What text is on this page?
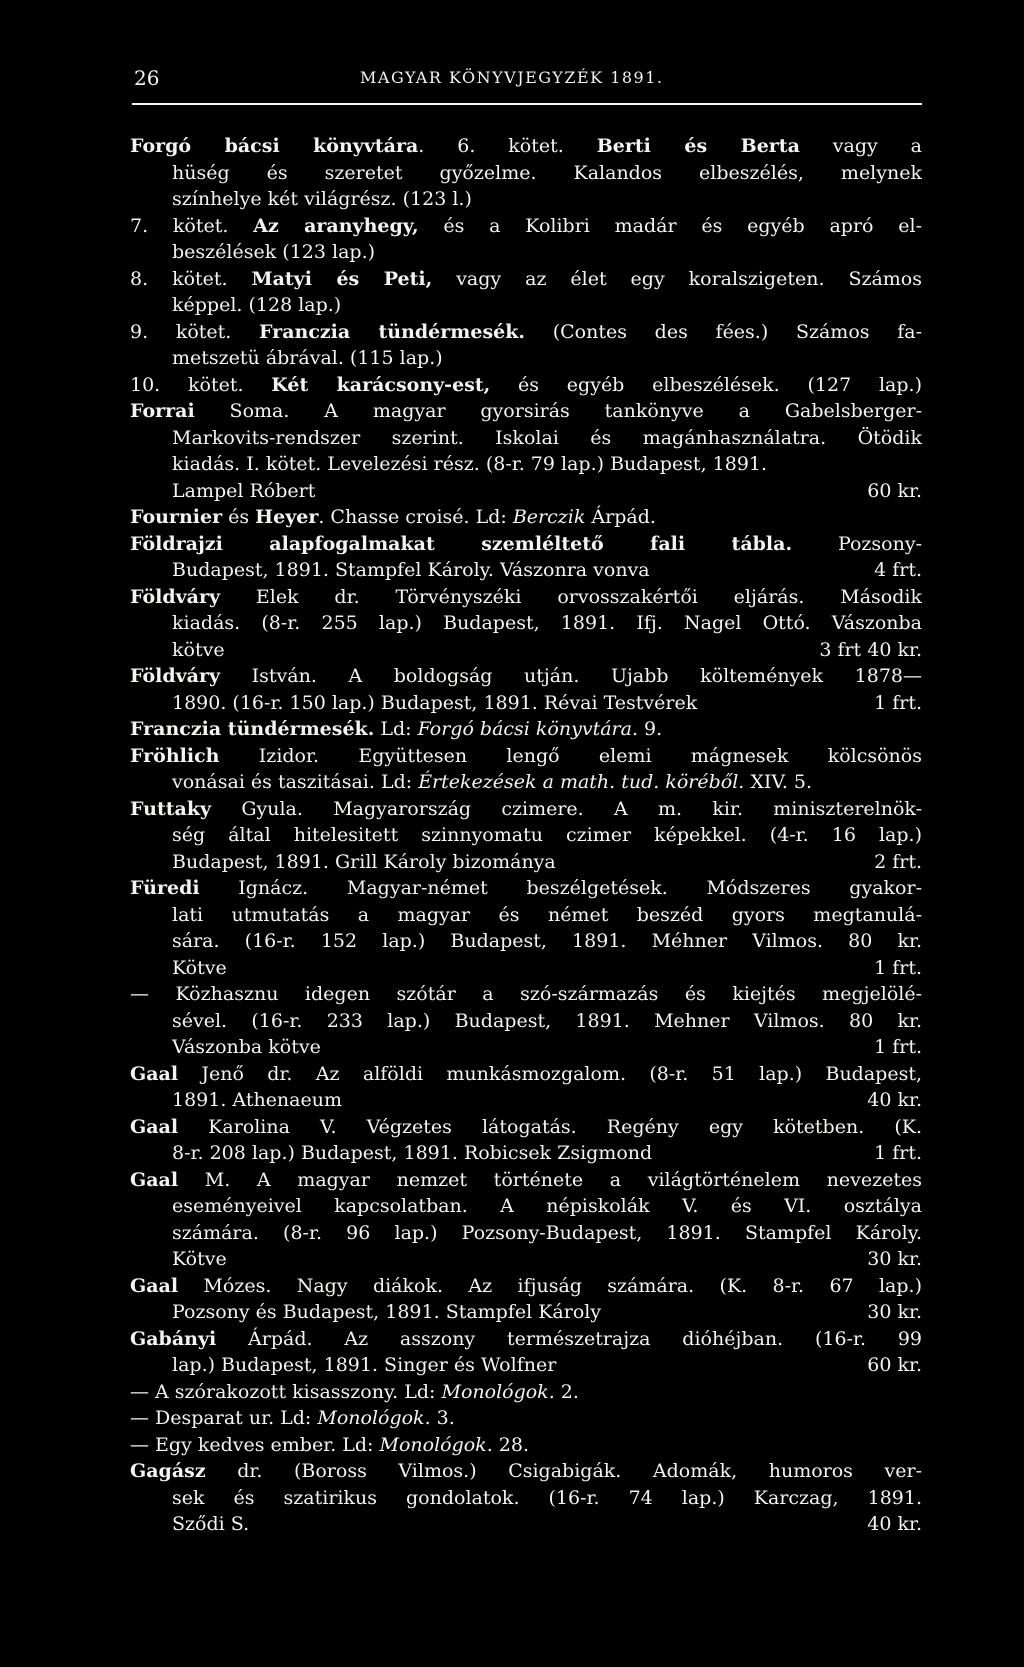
26	MAGYAR KÖNYVJEGYZÉK 1891.
Forgó bácsi könyvtára. 6. kötet. Berti és Berta vagy a
hüség és szeretet győzelme. Kalandos elbeszélés, melynek
színhelye két világrész. (123 l.)
7. kötet. Az aranyhegy, és a Kolibri madár és egyéb apró el-
beszélések (123 lap.)
8. kötet. Matyi és Peti, vagy az élet egy koralszigeten. Számos
képpel. (128 lap.)
9. kötet. Franczia tündérmesék. (Contes des fées.) Számos fa-
metszetü ábrával. (115 lap.)
10. kötet. Két karácsony-est, és egyéb elbeszélések. (127 lap.)
Forrai Soma. A magyar gyorsirás tankönyve a Gabelsberger-
Markovits-rendszer szerint. Iskolai és magánhasználatra. Ötödik
kiadás. I. kötet. Levelezési rész. (8-r. 79 lap.) Budapest, 1891.
Lampel Róbert	60 kr.
Fournier és Heyer. Chasse croisé. Ld: Berczik Árpád.
Földrajzi alapfogalmakat szemléltető fali tábla. Pozsony-
Budapest, 1891. Stampfel Károly. Vászonra vonva	4 frt.
Földváry Elek dr. Törvényszéki orvosszakértői eljárás. Második
kiadás. (8-r. 255 lap.) Budapest, 1891. Ifj. Nagel Ottó. Vászonba
kötve	3 frt 40 kr.
Földváry István. A boldogság utján. Ujabb költemények 1878—
1890. (16-r. 150 lap.) Budapest, 1891. Révai Testvérek	1 frt.
Franczia tündérmesék. Ld: Forgó bácsi könyvtára. 9.
Fröhlich Izidor. Együttesen lengő elemi mágnesek kölcsönös
vonásai és taszitásai. Ld: Értekezések a math. tud. köréből. XIV. 5.
Futtaky Gyula. Magyarország czimere. A m. kir. miniszterelnök-
ség által hitelesitett szinnyomatu czimer képekkel. (4-r. 16 lap.)
Budapest, 1891. Grill Károly bizománya	2 frt.
Füredi Ignácz. Magyar-német beszélgetések. Módszeres gyakor-
lati utmutatás a magyar és német beszéd gyors megtanulá-
sára. (16-r. 152 lap.) Budapest, 1891. Méhner Vilmos. 80 kr.
Kötve	1 frt.
— Közhasznu idegen szótár a szó-származás és kiejtés megjelölé-
sével. (16-r. 233 lap.) Budapest, 1891. Mehner Vilmos. 80 kr.
Vászonba kötve	1 frt.
Gaal Jenő dr. Az alföldi munkásmozgalom. (8-r. 51 lap.) Budapest,
1891. Athenaeum	40 kr.
Gaal Karolina V. Végzetes látogatás. Regény egy kötetben. (K.
8-r. 208 lap.) Budapest, 1891. Robicsek Zsigmond	1 frt.
Gaal M. A magyar nemzet története a világtörténelem nevezetes
eseményeivel kapcsolatban. A népiskolák V. és VI. osztálya
számára. (8-r. 96 lap.) Pozsony-Budapest, 1891. Stampfel Károly.
Kötve	30 kr.
Gaal Mózes. Nagy diákok. Az ifjuság számára. (K. 8-r. 67 lap.)
Pozsony és Budapest, 1891. Stampfel Károly	30 kr.
Gabányi Árpád. Az asszony természetrajza dióhéjban. (16-r. 99
lap.) Budapest, 1891. Singer és Wolfner	60 kr.
— A szórakozott kisasszony. Ld: Monológok. 2.
— Desparat ur. Ld: Monológok. 3.
— Egy kedves ember. Ld: Monológok. 28.
Gagász dr. (Boross Vilmos.) Csigabigák. Adomák, humoros ver-
sek és szatirikus gondolatok. (16-r. 74 lap.) Karczag, 1891.
Sződi S.	40 kr.
